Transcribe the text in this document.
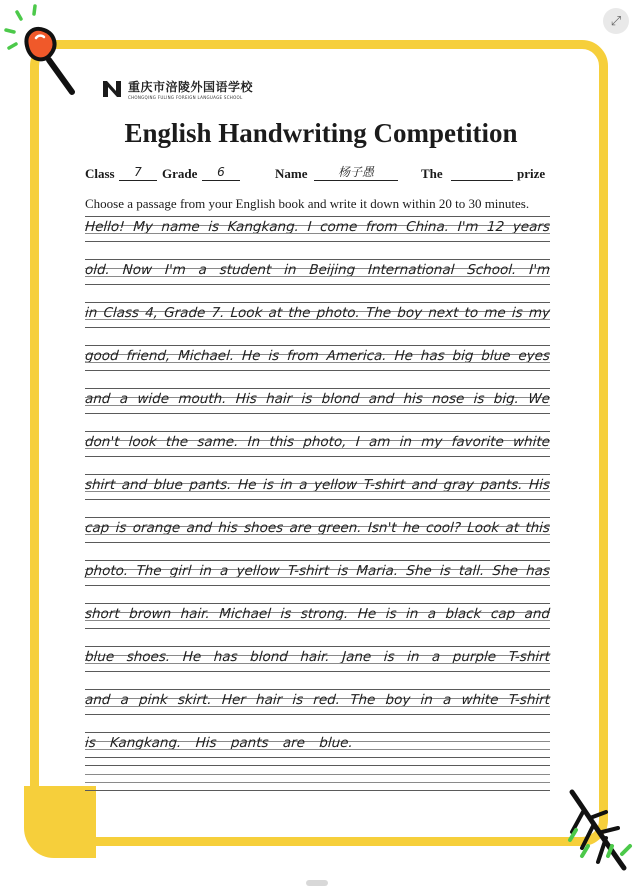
⤢
重庆市涪陵外国语学校
CHONGQING FULING FOREIGN LANGUAGE SCHOOL
English Handwriting Competition
Class	7	Grade	6	Name	杨子愚	The	prize
Choose a passage from your English book and write it down within 20 to 30 minutes.
Hello! My name is Kangkang. I come from China. I'm 12 years
old. Now I'm a student in Beijing International School. I'm
in Class 4, Grade 7. Look at the photo. The boy next to me is my
good friend, Michael. He is from America. He has big blue eyes
and a wide mouth. His hair is blond and his nose is big. We
don't look the same. In this photo, I am in my favorite white
shirt and blue pants. He is in a yellow T-shirt and gray pants. His
cap is orange and his shoes are green. Isn't he cool? Look at this
photo. The girl in a yellow T-shirt is Maria. She is tall. She has
short brown hair. Michael is strong. He is in a black cap and
blue shoes. He has blond hair. Jane is in a purple T-shirt
and a pink skirt. Her hair is red. The boy in a white T-shirt
is Kangkang. His pants are blue.
